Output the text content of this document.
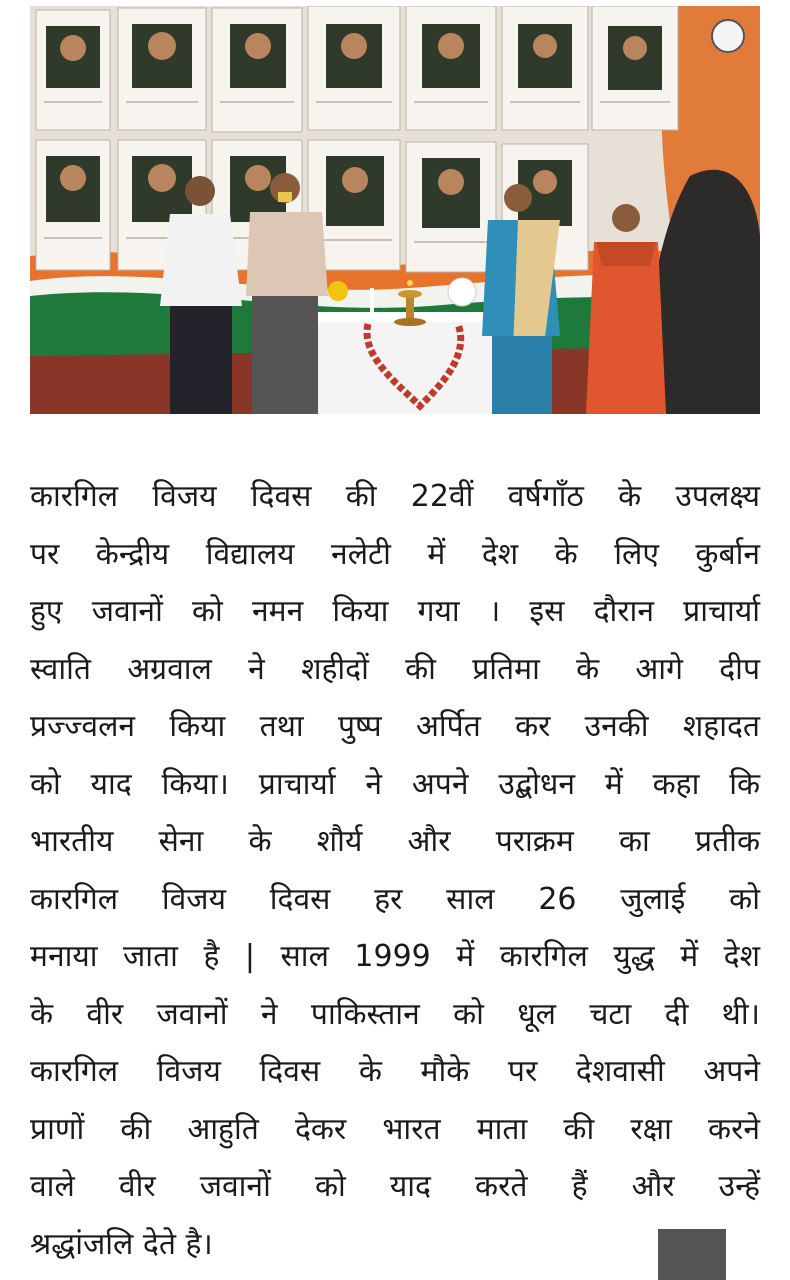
कारगिल विजय दिवस की 22वीं वर्षगाँठ के उपलक्ष्य
पर केन्द्रीय विद्यालय नलेटी में देश के लिए कुर्बान
हुए जवानों को नमन किया गया । इस दौरान प्राचार्या
स्वाति अग्रवाल ने शहीदों की प्रतिमा के आगे दीप
प्रज्ज्वलन किया तथा पुष्प अर्पित कर उनकी शहादत
को याद किया। प्राचार्या ने अपने उद्बोधन में कहा कि
भारतीय सेना के शौर्य और पराक्रम का प्रतीक
कारगिल विजय दिवस हर साल 26 जुलाई को
मनाया जाता है | साल 1999 में कारगिल युद्ध में देश
के वीर जवानों ने पाकिस्तान को धूल चटा दी थी।
कारगिल विजय दिवस के मौके पर देशवासी अपने
प्राणों की आहुति देकर भारत माता की रक्षा करने
वाले वीर जवानों को याद करते हैं और उन्हें
श्रद्धांजलि देते है।
